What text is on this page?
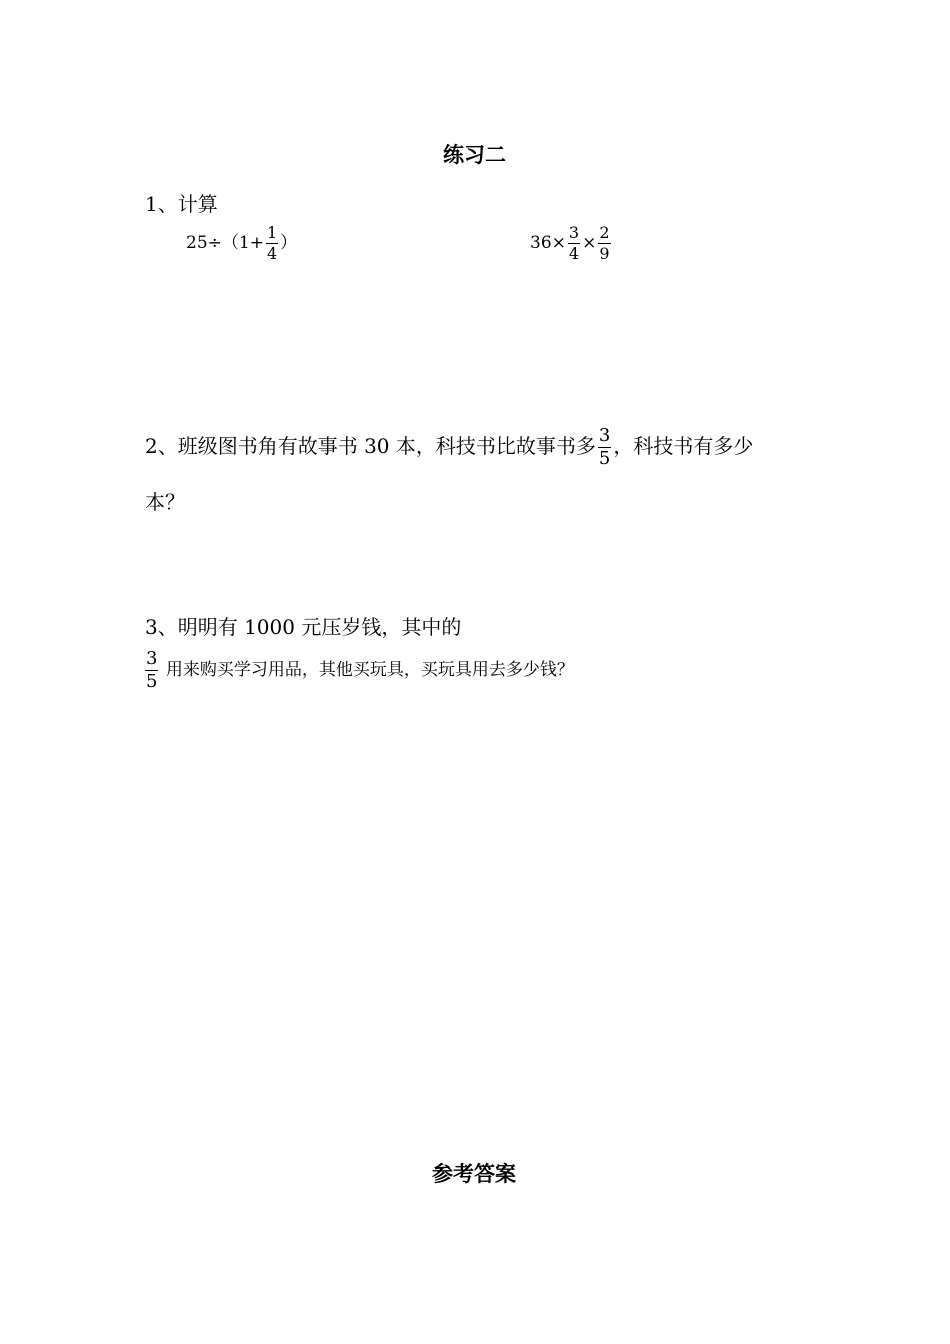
练习二
1、计算
$25\div(1+ \frac{1}{4}$ ）	$36\times \frac{3}{4} \times \frac{2}{9}$
2、班级图书角有故事书 30 本，科技书比故事书多 $\frac{3}{5}$ ，科技书有多少
本？
3、明明有 1000 元压岁钱，其中的
$\frac{3}{5}$ 用来购买学习用品，其他买玩具，买玩具用去多少钱？
参考答案
